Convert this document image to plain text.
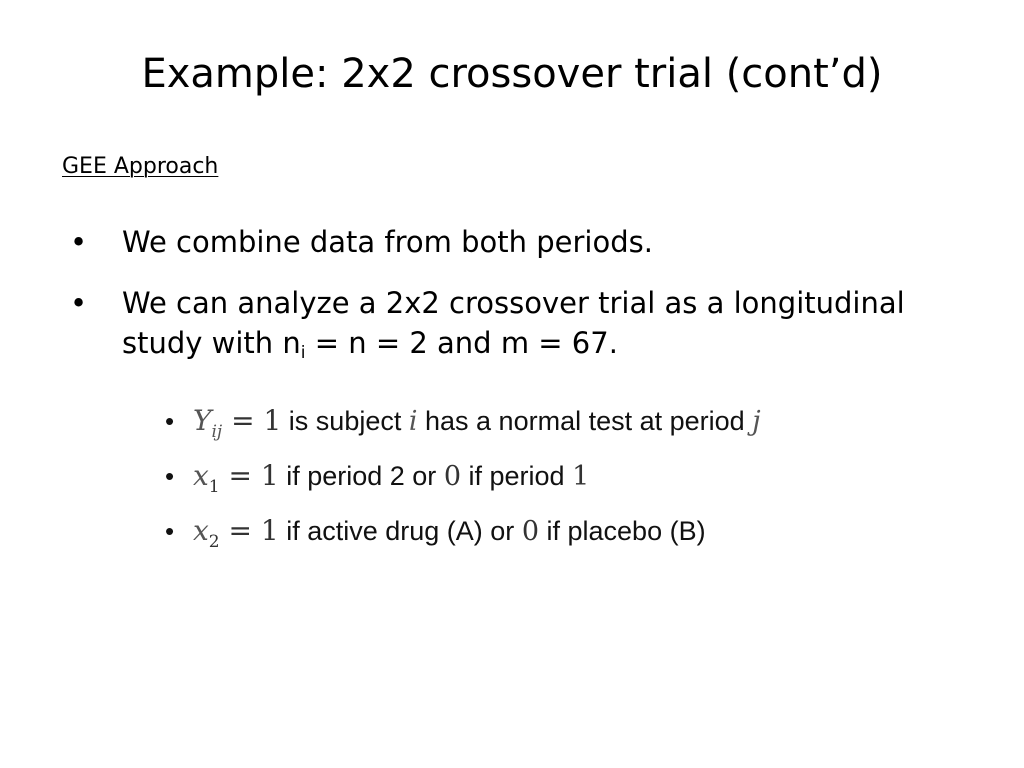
Example: 2x2 crossover trial (cont’d)
GEE Approach
• We combine data from both periods.
• We can analyze a 2x2 crossover trial as a longitudinal study with $n_i = n = 2$ and m = 67.
• $Y_{ij} = 1$ is subject i has a normal test at period j
• $x_1 = 1$ if period 2 or 0 if period 1
• $x_2 = 1$ if active drug (A) or 0 if placebo (B)
